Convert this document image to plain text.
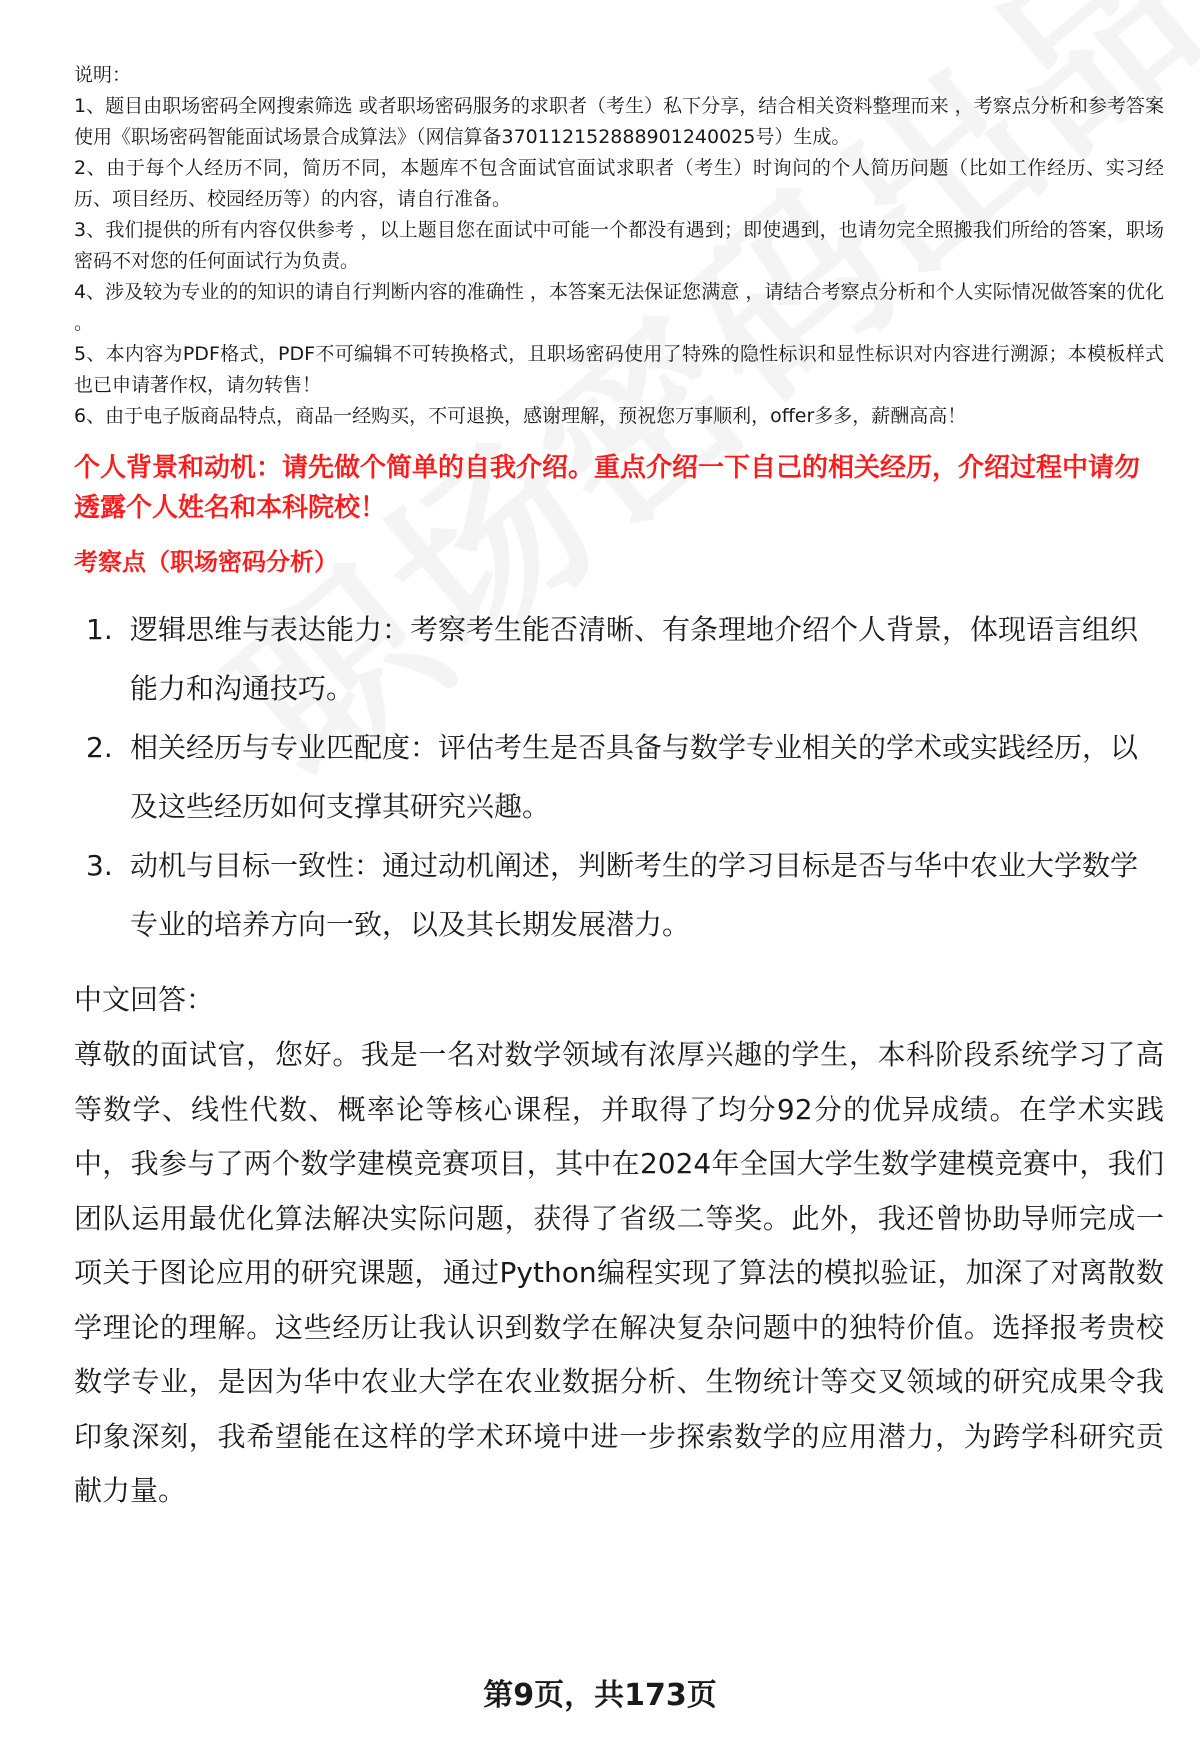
说明：
1、题目由职场密码全网搜索筛选 或者职场密码服务的求职者（考生）私下分享，结合相关资料整理而来 ，考察点分析和参考答案使用《职场密码智能面试场景合成算法》（网信算备370112152888901240025号）生成。
2、由于每个人经历不同，简历不同，本题库不包含面试官面试求职者（考生）时询问的个人简历问题（比如工作经历、实习经历、项目经历、校园经历等）的内容，请自行准备。
3、我们提供的所有内容仅供参考 ，以上题目您在面试中可能一个都没有遇到；即使遇到，也请勿完全照搬我们所给的答案，职场密码不对您的任何面试行为负责。
4、涉及较为专业的的知识的请自行判断内容的准确性 ，本答案无法保证您满意 ，请结合考察点分析和个人实际情况做答案的优化 。
5、本内容为PDF格式，PDF不可编辑不可转换格式，且职场密码使用了特殊的隐性标识和显性标识对内容进行溯源；本模板样式也已申请著作权，请勿转售！
6、由于电子版商品特点，商品一经购买，不可退换，感谢理解，预祝您万事顺利，offer多多，薪酬高高！
个人背景和动机：请先做个简单的自我介绍。重点介绍一下自己的相关经历，介绍过程中请勿透露个人姓名和本科院校！
考察点（职场密码分析）
1. 逻辑思维与表达能力：考察考生能否清晰、有条理地介绍个人背景，体现语言组织能力和沟通技巧。
2. 相关经历与专业匹配度：评估考生是否具备与数学专业相关的学术或实践经历，以及这些经历如何支撑其研究兴趣。
3. 动机与目标一致性：通过动机阐述，判断考生的学习目标是否与华中农业大学数学专业的培养方向一致，以及其长期发展潜力。
中文回答：
尊敬的面试官，您好。我是一名对数学领域有浓厚兴趣的学生，本科阶段系统学习了高等数学、线性代数、概率论等核心课程，并取得了均分92分的优异成绩。在学术实践中，我参与了两个数学建模竞赛项目，其中在2024年全国大学生数学建模竞赛中，我们团队运用最优化算法解决实际问题，获得了省级二等奖。此外，我还曾协助导师完成一项关于图论应用的研究课题，通过Python编程实现了算法的模拟验证，加深了对离散数学理论的理解。这些经历让我认识到数学在解决复杂问题中的独特价值。选择报考贵校数学专业，是因为华中农业大学在农业数据分析、生物统计等交叉领域的研究成果令我印象深刻，我希望能在这样的学术环境中进一步探索数学的应用潜力，为跨学科研究贡献力量。
第9页，共173页
